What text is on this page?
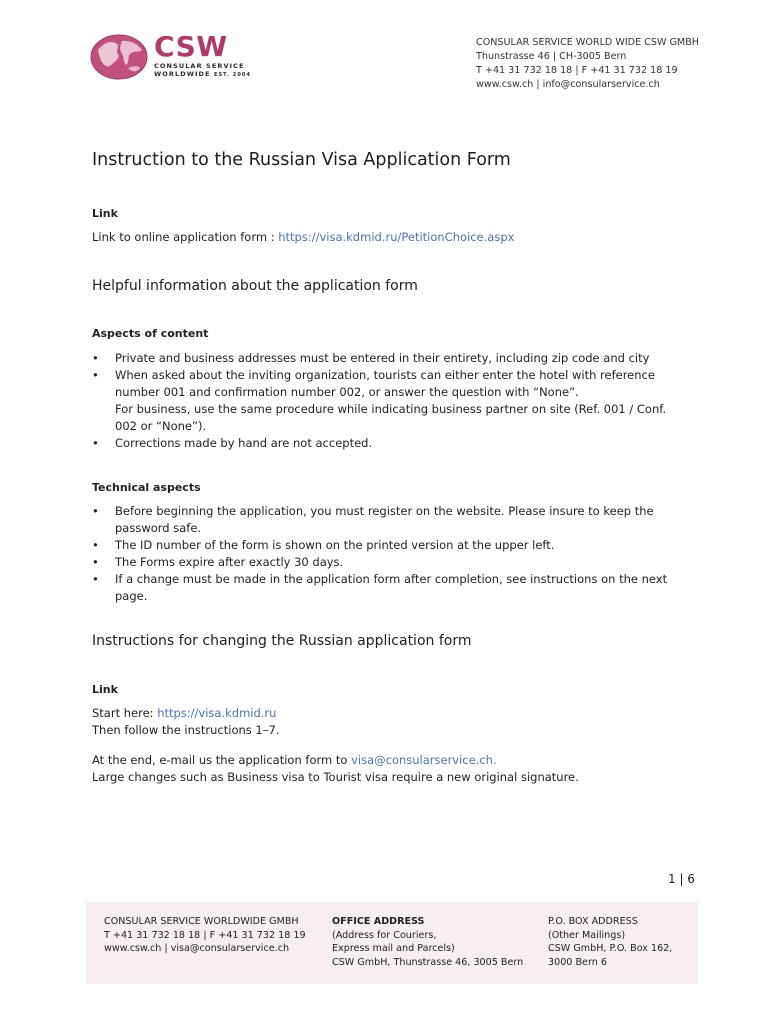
CSW
CONSULAR SERVICE
WORLDWIDE EST. 2004
CONSULAR SERVICE WORLD WIDE CSW GMBH
Thunstrasse 46 | CH-3005 Bern
T +41 31 732 18 18 | F +41 31 732 18 19
www.csw.ch | info@consularservice.ch
Instruction to the Russian Visa Application Form
Link
Link to online application form : https://visa.kdmid.ru/PetitionChoice.aspx
Helpful information about the application form
Aspects of content
• Private and business addresses must be entered in their entirety, including zip code and city
• When asked about the inviting organization, tourists can either enter the hotel with reference
number 001 and confirmation number 002, or answer the question with “None”.
For business, use the same procedure while indicating business partner on site (Ref. 001 / Conf.
002 or “None”).
• Corrections made by hand are not accepted.
Technical aspects
• Before beginning the application, you must register on the website. Please insure to keep the
password safe.
• The ID number of the form is shown on the printed version at the upper left.
• The Forms expire after exactly 30 days.
• If a change must be made in the application form after completion, see instructions on the next
page.
Instructions for changing the Russian application form
Link
Start here: https://visa.kdmid.ru
Then follow the instructions 1–7.
At the end, e-mail us the application form to visa@consularservice.ch.
Large changes such as Business visa to Tourist visa require a new original signature.
1 | 6
CONSULAR SERVICE WORLDWIDE GMBH
T +41 31 732 18 18 | F +41 31 732 18 19
www.csw.ch | visa@consularservice.ch
OFFICE ADDRESS
(Address for Couriers,
Express mail and Parcels)
CSW GmbH, Thunstrasse 46, 3005 Bern
P.O. BOX ADDRESS
(Other Mailings)
CSW GmbH, P.O. Box 162,
3000 Bern 6
